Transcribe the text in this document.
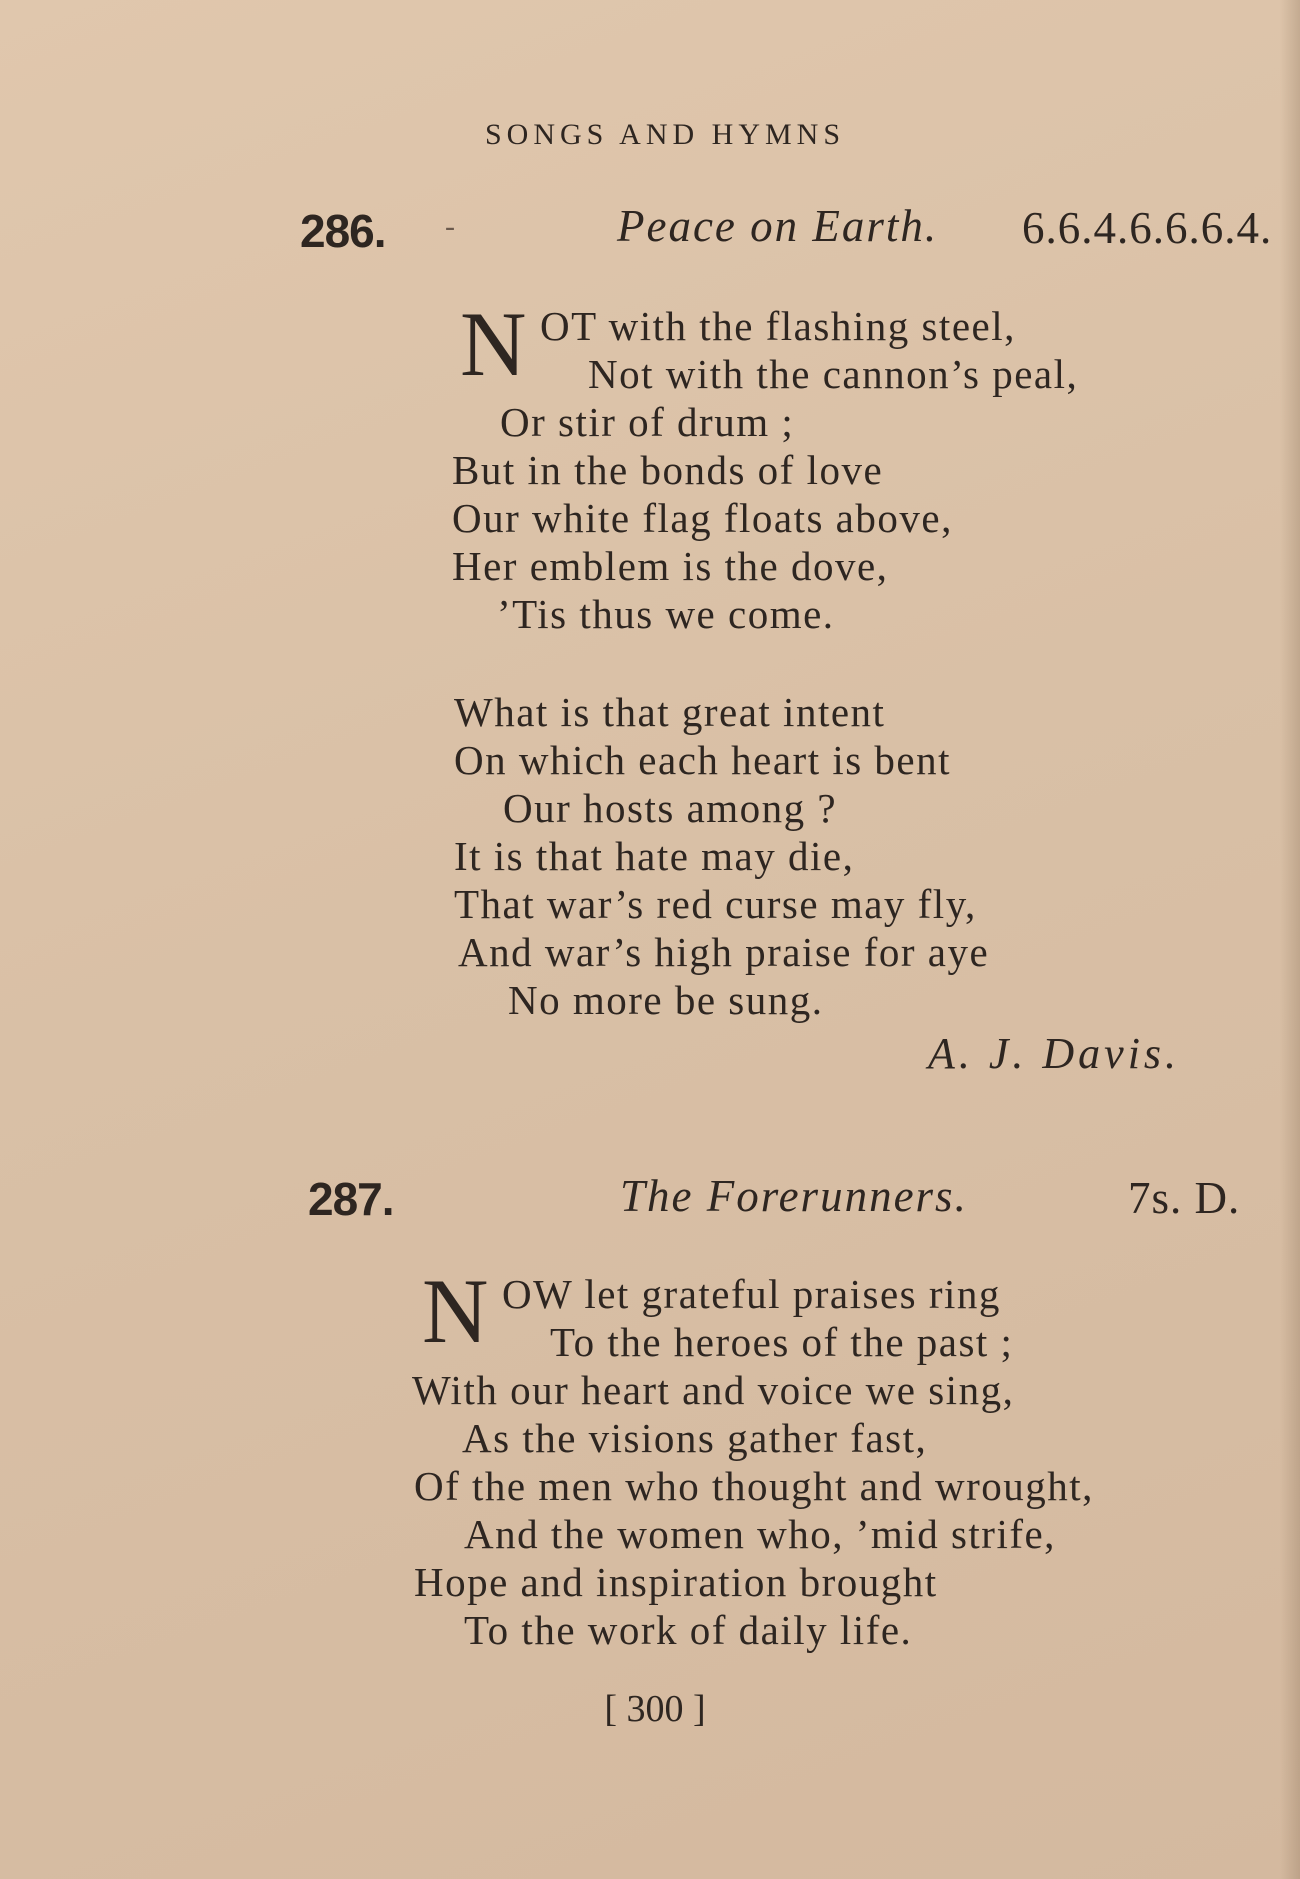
SONGS AND HYMNS
286. -	Peace on Earth. 6.6.4.6.6.6.4.
N OT with the flashing steel,
Not with the cannon’s peal,
Or stir of drum ;
But in the bonds of love
Our white flag floats above,
Her emblem is the dove,
’Tis thus we come.
What is that great intent
On which each heart is bent
Our hosts among ?
It is that hate may die,
That war’s red curse may fly,
And war’s high praise for aye
No more be sung.
A. J. Davis.
287.	The Forerunners.	7s. D.
N OW let grateful praises ring
To the heroes of the past ;
With our heart and voice we sing,
As the visions gather fast,
Of the men who thought and wrought,
And the women who, ’mid strife,
Hope and inspiration brought
To the work of daily life.
[ 300 ]
